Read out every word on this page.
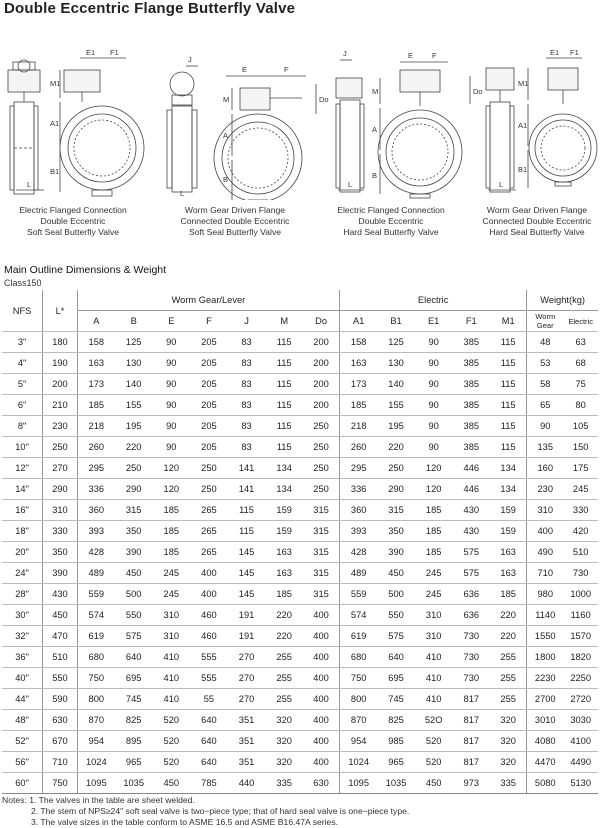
Double Eccentric Flange Butterfly Valve
E1 F1
M1
A1
B1
L
J
E	F
Do
M
A
B
L
J	E	F
Do
M
A
B
L
E1 F1
M1
A1
B1
L
Electric Flanged Connection
Double Eccentric
Soft Seal Butterfly Valve
Worm Gear Driven Flange
Connected Double Eccentric
Soft Seal Butterfly Valve
Electric Flanged Connection
Double Eccentric
Hard Seal Butterfly Valve
Worm Gear Driven Flange
Connected Double Eccentric
Hard Seal Butterfly Valve
Main Outline Dimensions & Weight
Class150
NFS	L*	Worm Gear/Lever							Electric					Weight(kg)	
		A	B	E	F	J	M	Do	A1	B1	E1	F1	M1	Worm Gear	Electric
3"	180	158	125	90	205	83	115	200	158	125	90	385	115	48	63
4"	190	163	130	90	205	83	115	200	163	130	90	385	115	53	68
5"	200	173	140	90	205	83	115	200	173	140	90	385	115	58	75
6"	210	185	155	90	205	83	115	200	185	155	90	385	115	65	80
8"	230	218	195	90	205	83	115	250	218	195	90	385	115	90	105
10"	250	260	220	90	205	83	115	250	260	220	90	385	115	135	150
12"	270	295	250	120	250	141	134	250	295	250	120	446	134	160	175
14"	290	336	290	120	250	141	134	250	336	290	120	446	134	230	245
16"	310	360	315	185	265	115	159	315	360	315	185	430	159	310	330
18"	330	393	350	185	265	115	159	315	393	350	185	430	159	400	420
20"	350	428	390	185	265	145	163	315	428	390	185	575	163	490	510
24"	390	489	450	245	400	145	163	315	489	450	245	575	163	710	730
28"	430	559	500	245	400	145	185	315	559	500	245	636	185	980	1000
30"	450	574	550	310	460	191	220	400	574	550	310	636	220	1140	1160
32"	470	619	575	310	460	191	220	400	619	575	310	730	220	1550	1570
36"	510	680	640	410	555	270	255	400	680	640	410	730	255	1800	1820
40"	550	750	695	410	555	270	255	400	750	695	410	730	255	2230	2250
44"	590	800	745	410	55	270	255	400	800	745	410	817	255	2700	2720
48"	630	870	825	520	640	351	320	400	870	825	52O	817	320	3010	3030
52"	670	954	895	520	640	351	320	400	954	985	520	817	320	4080	4100
56"	710	1024	965	520	640	351	320	400	1024	965	520	817	320	4470	4490
60"	750	1095	1035	450	785	440	335	630	1095	1035	450	973	335	5080	5130
Notes: 1. The valves in the table are sheet welded.
2. The stem of NPS≥24" soft seal valve is two−piece type; that of hard seal valve is one−piece type.
3. The valve sizes in the table conform to ASME 16.5 and ASME B16.47A series.
